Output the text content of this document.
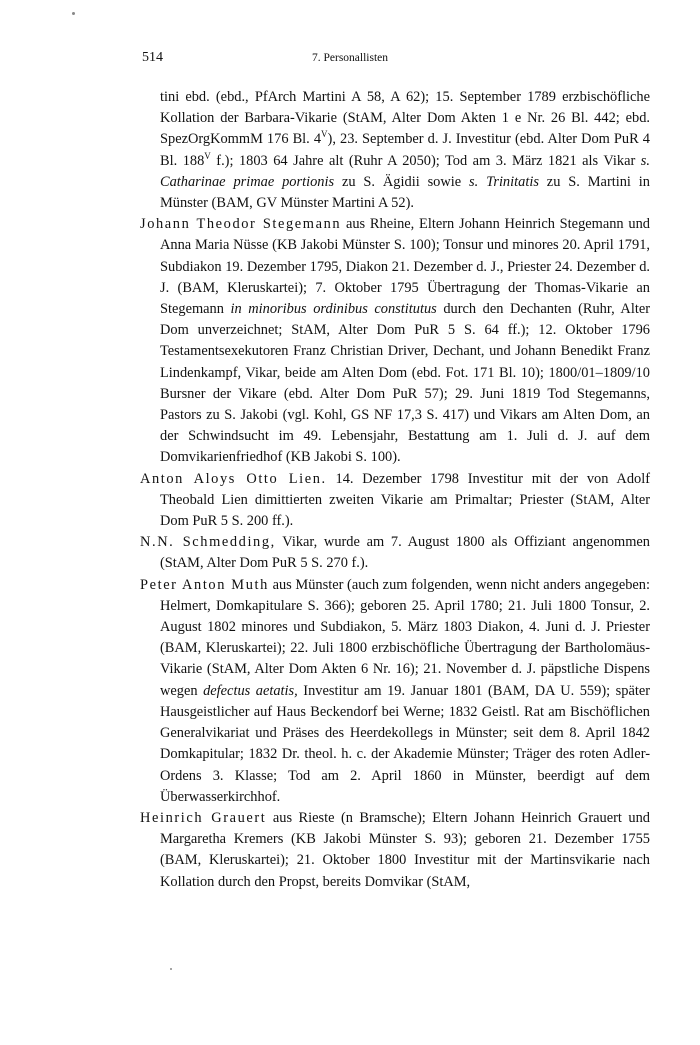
514	7. Personallisten

tini ebd. (ebd., PfArch Martini A 58, A 62); 15. September 1789 erzbischöfliche Kollation der Barbara-Vikarie (StAM, Alter Dom Akten 1 e Nr. 26 Bl. 442; ebd. SpezOrgKommM 176 Bl. $4^V$), 23. September d. J. Investitur (ebd. Alter Dom PuR 4 Bl. $188^V$ f.); 1803 64 Jahre alt (Ruhr A 2050); Tod am 3. März 1821 als Vikar s. Catharinae primae portionis zu S. Ägidii sowie s. Trinitatis zu S. Martini in Münster (BAM, GV Münster Martini A 52).

Johann Theodor Stegemann aus Rheine, Eltern Johann Heinrich Stegemann und Anna Maria Nüsse (KB Jakobi Münster S. 100); Tonsur und minores 20. April 1791, Subdiakon 19. Dezember 1795, Diakon 21. Dezember d. J., Priester 24. Dezember d. J. (BAM, Kleruskartei); 7. Oktober 1795 Übertragung der Thomas-Vikarie an Stegemann in minoribus ordinibus constitutus durch den Dechanten (Ruhr, Alter Dom unverzeichnet; StAM, Alter Dom PuR 5 S. 64 ff.); 12. Oktober 1796 Testamentsexekutoren Franz Christian Driver, Dechant, und Johann Benedikt Franz Lindenkampf, Vikar, beide am Alten Dom (ebd. Fot. 171 Bl. 10); 1800/01–1809/10 Bursner der Vikare (ebd. Alter Dom PuR 57); 29. Juni 1819 Tod Stegemanns, Pastors zu S. Jakobi (vgl. Kohl, GS NF 17,3 S. 417) und Vikars am Alten Dom, an der Schwindsucht im 49. Lebensjahr, Bestattung am 1. Juli d. J. auf dem Domvikarienfriedhof (KB Jakobi S. 100).

Anton Aloys Otto Lien. 14. Dezember 1798 Investitur mit der von Adolf Theobald Lien dimittierten zweiten Vikarie am Primaltar; Priester (StAM, Alter Dom PuR 5 S. 200 ff.).

N.N. Schmedding, Vikar, wurde am 7. August 1800 als Offiziant angenommen (StAM, Alter Dom PuR 5 S. 270 f.).

Peter Anton Muth aus Münster (auch zum folgenden, wenn nicht anders angegeben: Helmert, Domkapitulare S. 366); geboren 25. April 1780; 21. Juli 1800 Tonsur, 2. August 1802 minores und Subdiakon, 5. März 1803 Diakon, 4. Juni d. J. Priester (BAM, Kleruskartei); 22. Juli 1800 erzbischöfliche Übertragung der Bartholomäus-Vikarie (StAM, Alter Dom Akten 6 Nr. 16); 21. November d. J. päpstliche Dispens wegen defectus aetatis, Investitur am 19. Januar 1801 (BAM, DA U. 559); später Hausgeistlicher auf Haus Beckendorf bei Werne; 1832 Geistl. Rat am Bischöflichen Generalvikariat und Präses des Heerdekollegs in Münster; seit dem 8. April 1842 Domkapitular; 1832 Dr. theol. h. c. der Akademie Münster; Träger des roten Adler-Ordens 3. Klasse; Tod am 2. April 1860 in Münster, beerdigt auf dem Überwasserkirchhof.

Heinrich Grauert aus Rieste (n Bramsche); Eltern Johann Heinrich Grauert und Margaretha Kremers (KB Jakobi Münster S. 93); geboren 21. Dezember 1755 (BAM, Kleruskartei); 21. Oktober 1800 Investitur mit der Martinsvikarie nach Kollation durch den Propst, bereits Domvikar (StAM,
